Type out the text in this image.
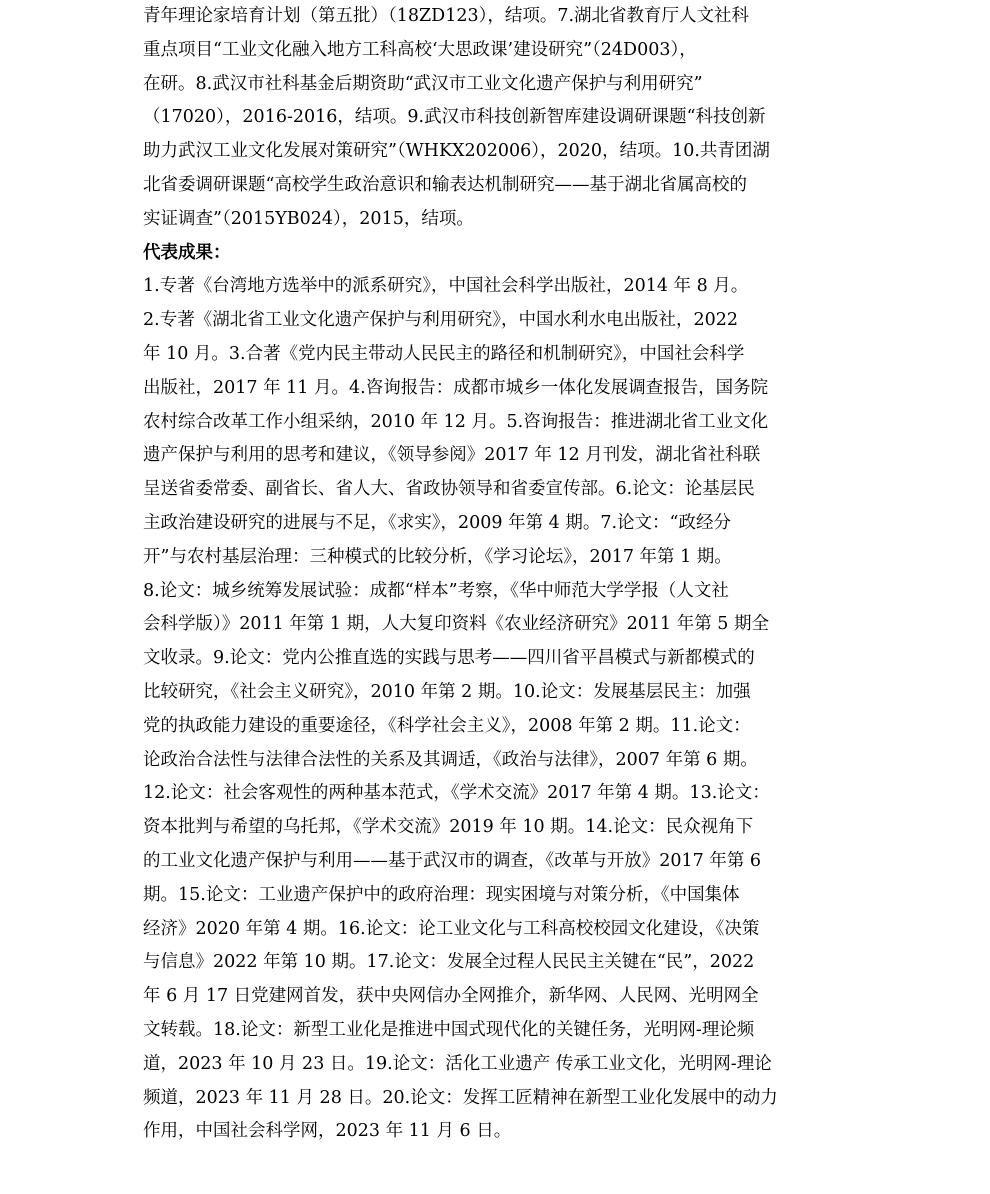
青年理论家培育计划（第五批）（18ZD123），结项。7.湖北省教育厅人文社科
重点项目“工业文化融入地方工科高校‘大思政课’建设研究”（24D003），
在研。8.武汉市社科基金后期资助“武汉市工业文化遗产保护与利用研究”
（17020），2016-2016，结项。9.武汉市科技创新智库建设调研课题“科技创新
助力武汉工业文化发展对策研究”（WHKX202006），2020，结项。10.共青团湖
北省委调研课题“高校学生政治意识和输表达机制研究——基于湖北省属高校的
实证调查”（2015YB024），2015，结项。
代表成果：
1.专著《台湾地方选举中的派系研究》，中国社会科学出版社，2014 年 8 月。
2.专著《湖北省工业文化遗产保护与利用研究》，中国水利水电出版社，2022
年 10 月。3.合著《党内民主带动人民民主的路径和机制研究》，中国社会科学
出版社，2017 年 11 月。4.咨询报告：成都市城乡一体化发展调查报告，国务院
农村综合改革工作小组采纳，2010 年 12 月。5.咨询报告：推进湖北省工业文化
遗产保护与利用的思考和建议，《领导参阅》2017 年 12 月刊发，湖北省社科联
呈送省委常委、副省长、省人大、省政协领导和省委宣传部。6.论文：论基层民
主政治建设研究的进展与不足，《求实》，2009 年第 4 期。7.论文：“政经分
开”与农村基层治理：三种模式的比较分析，《学习论坛》，2017 年第 1 期。
8.论文：城乡统筹发展试验：成都“样本”考察，《华中师范大学学报（人文社
会科学版）》2011 年第 1 期，人大复印资料《农业经济研究》2011 年第 5 期全
文收录。9.论文：党内公推直选的实践与思考——四川省平昌模式与新都模式的
比较研究，《社会主义研究》，2010 年第 2 期。10.论文：发展基层民主：加强
党的执政能力建设的重要途径，《科学社会主义》，2008 年第 2 期。11.论文：
论政治合法性与法律合法性的关系及其调适，《政治与法律》，2007 年第 6 期。
12.论文：社会客观性的两种基本范式，《学术交流》2017 年第 4 期。13.论文：
资本批判与希望的乌托邦，《学术交流》2019 年 10 期。14.论文：民众视角下
的工业文化遗产保护与利用——基于武汉市的调查，《改革与开放》2017 年第 6
期。15.论文：工业遗产保护中的政府治理：现实困境与对策分析，《中国集体
经济》2020 年第 4 期。16.论文：论工业文化与工科高校校园文化建设，《决策
与信息》2022 年第 10 期。17.论文：发展全过程人民民主关键在“民”，2022
年 6 月 17 日党建网首发，获中央网信办全网推介，新华网、人民网、光明网全
文转载。18.论文：新型工业化是推进中国式现代化的关键任务，光明网-理论频
道，2023 年 10 月 23 日。19.论文：活化工业遗产 传承工业文化，光明网-理论
频道，2023 年 11 月 28 日。20.论文：发挥工匠精神在新型工业化发展中的动力
作用，中国社会科学网，2023 年 11 月 6 日。
